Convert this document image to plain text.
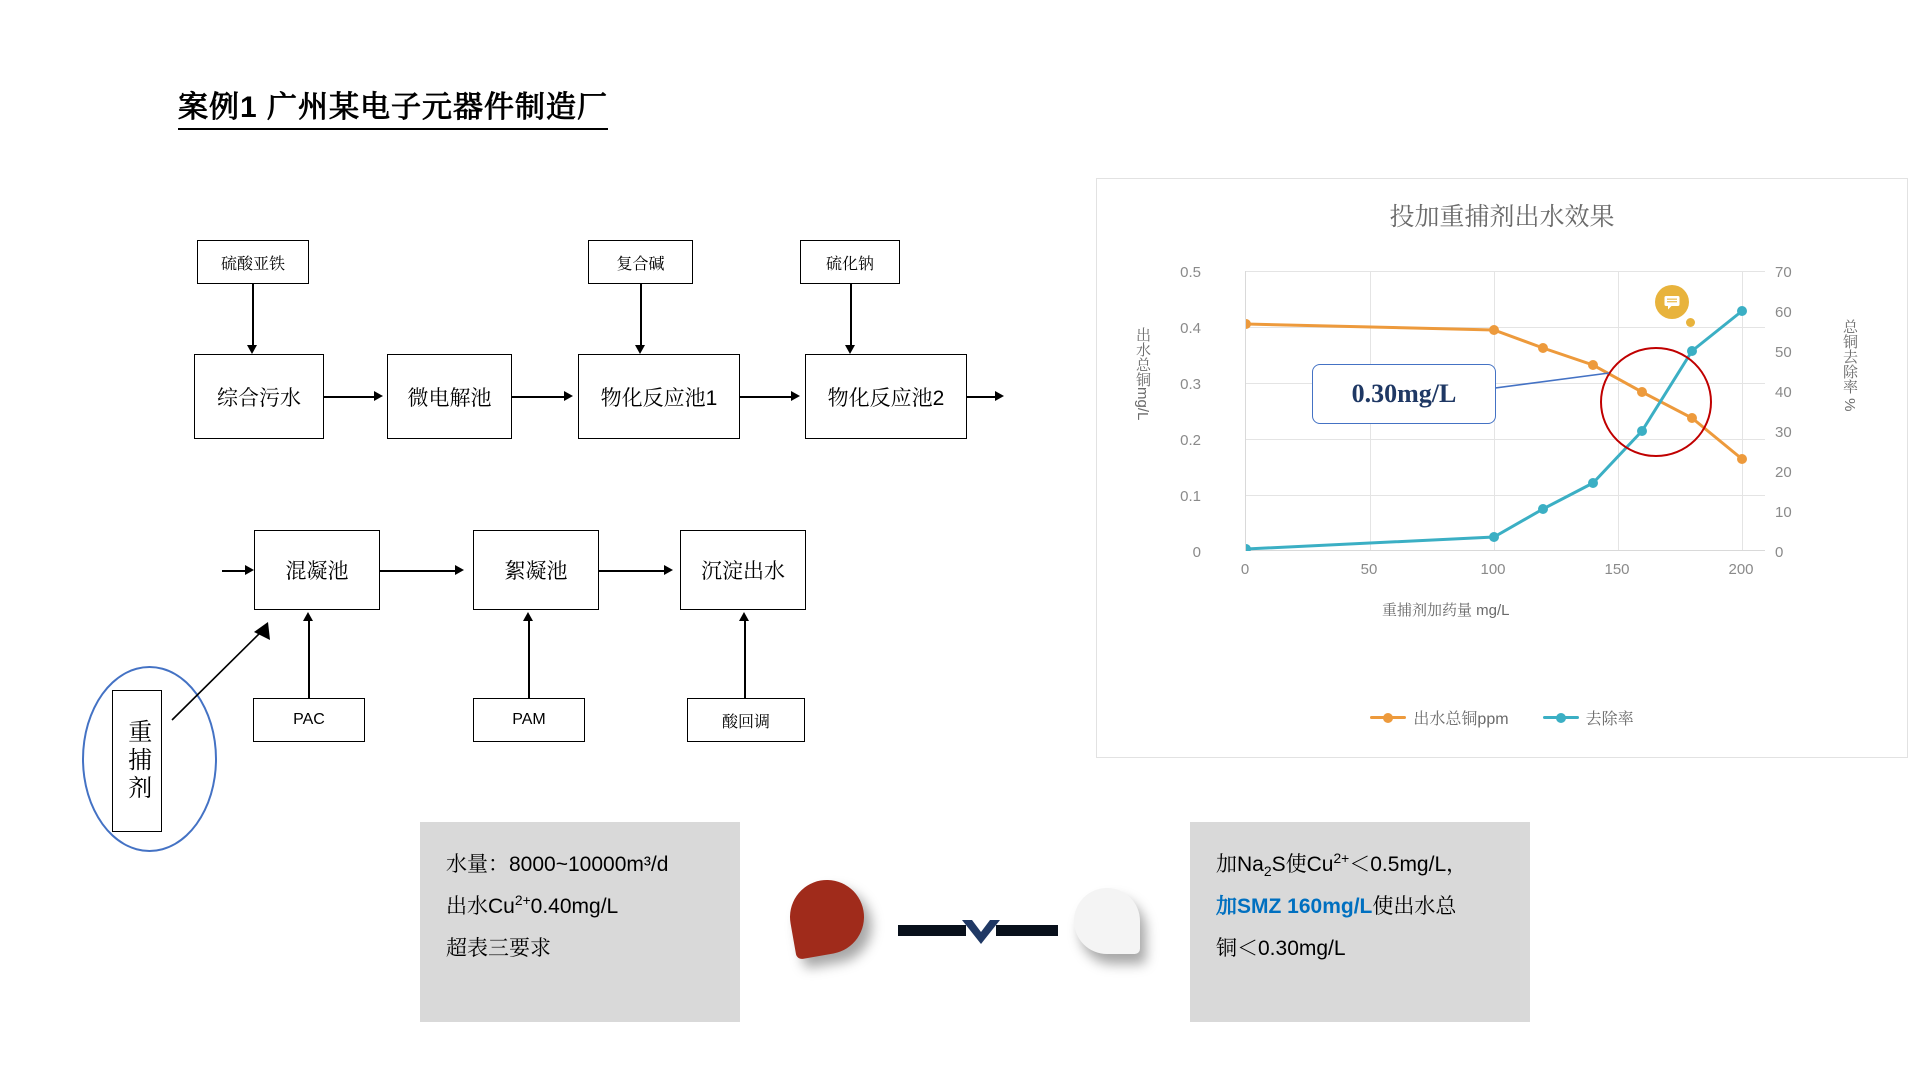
案例1 广州某电子元器件制造厂
硫酸亚铁	复合碱	硫化钠
综合污水	微电解池	物化反应池1	物化反应池2
混凝池	絮凝池	沉淀出水
PAC	PAM	酸回调
重捕剂
投加重捕剂出水效果
0.5
0.4
0.3
0.2
0.1
0
70
60
50
40
30
20
10
0
0	50	100	150	200
出水总铜mg/L	总铜去除率 %
重捕剂加药量 mg/L
0.30mg/L
出水总铜ppm	去除率
水量：8000~10000m³/d
出水$Cu^{2+}0.40mg/L$
超表三要求
加$Na_2S$使$Cu^{2+}<0.5mg/L$，
加SMZ 160mg/L使出水总
铜＜0.30mg/L
